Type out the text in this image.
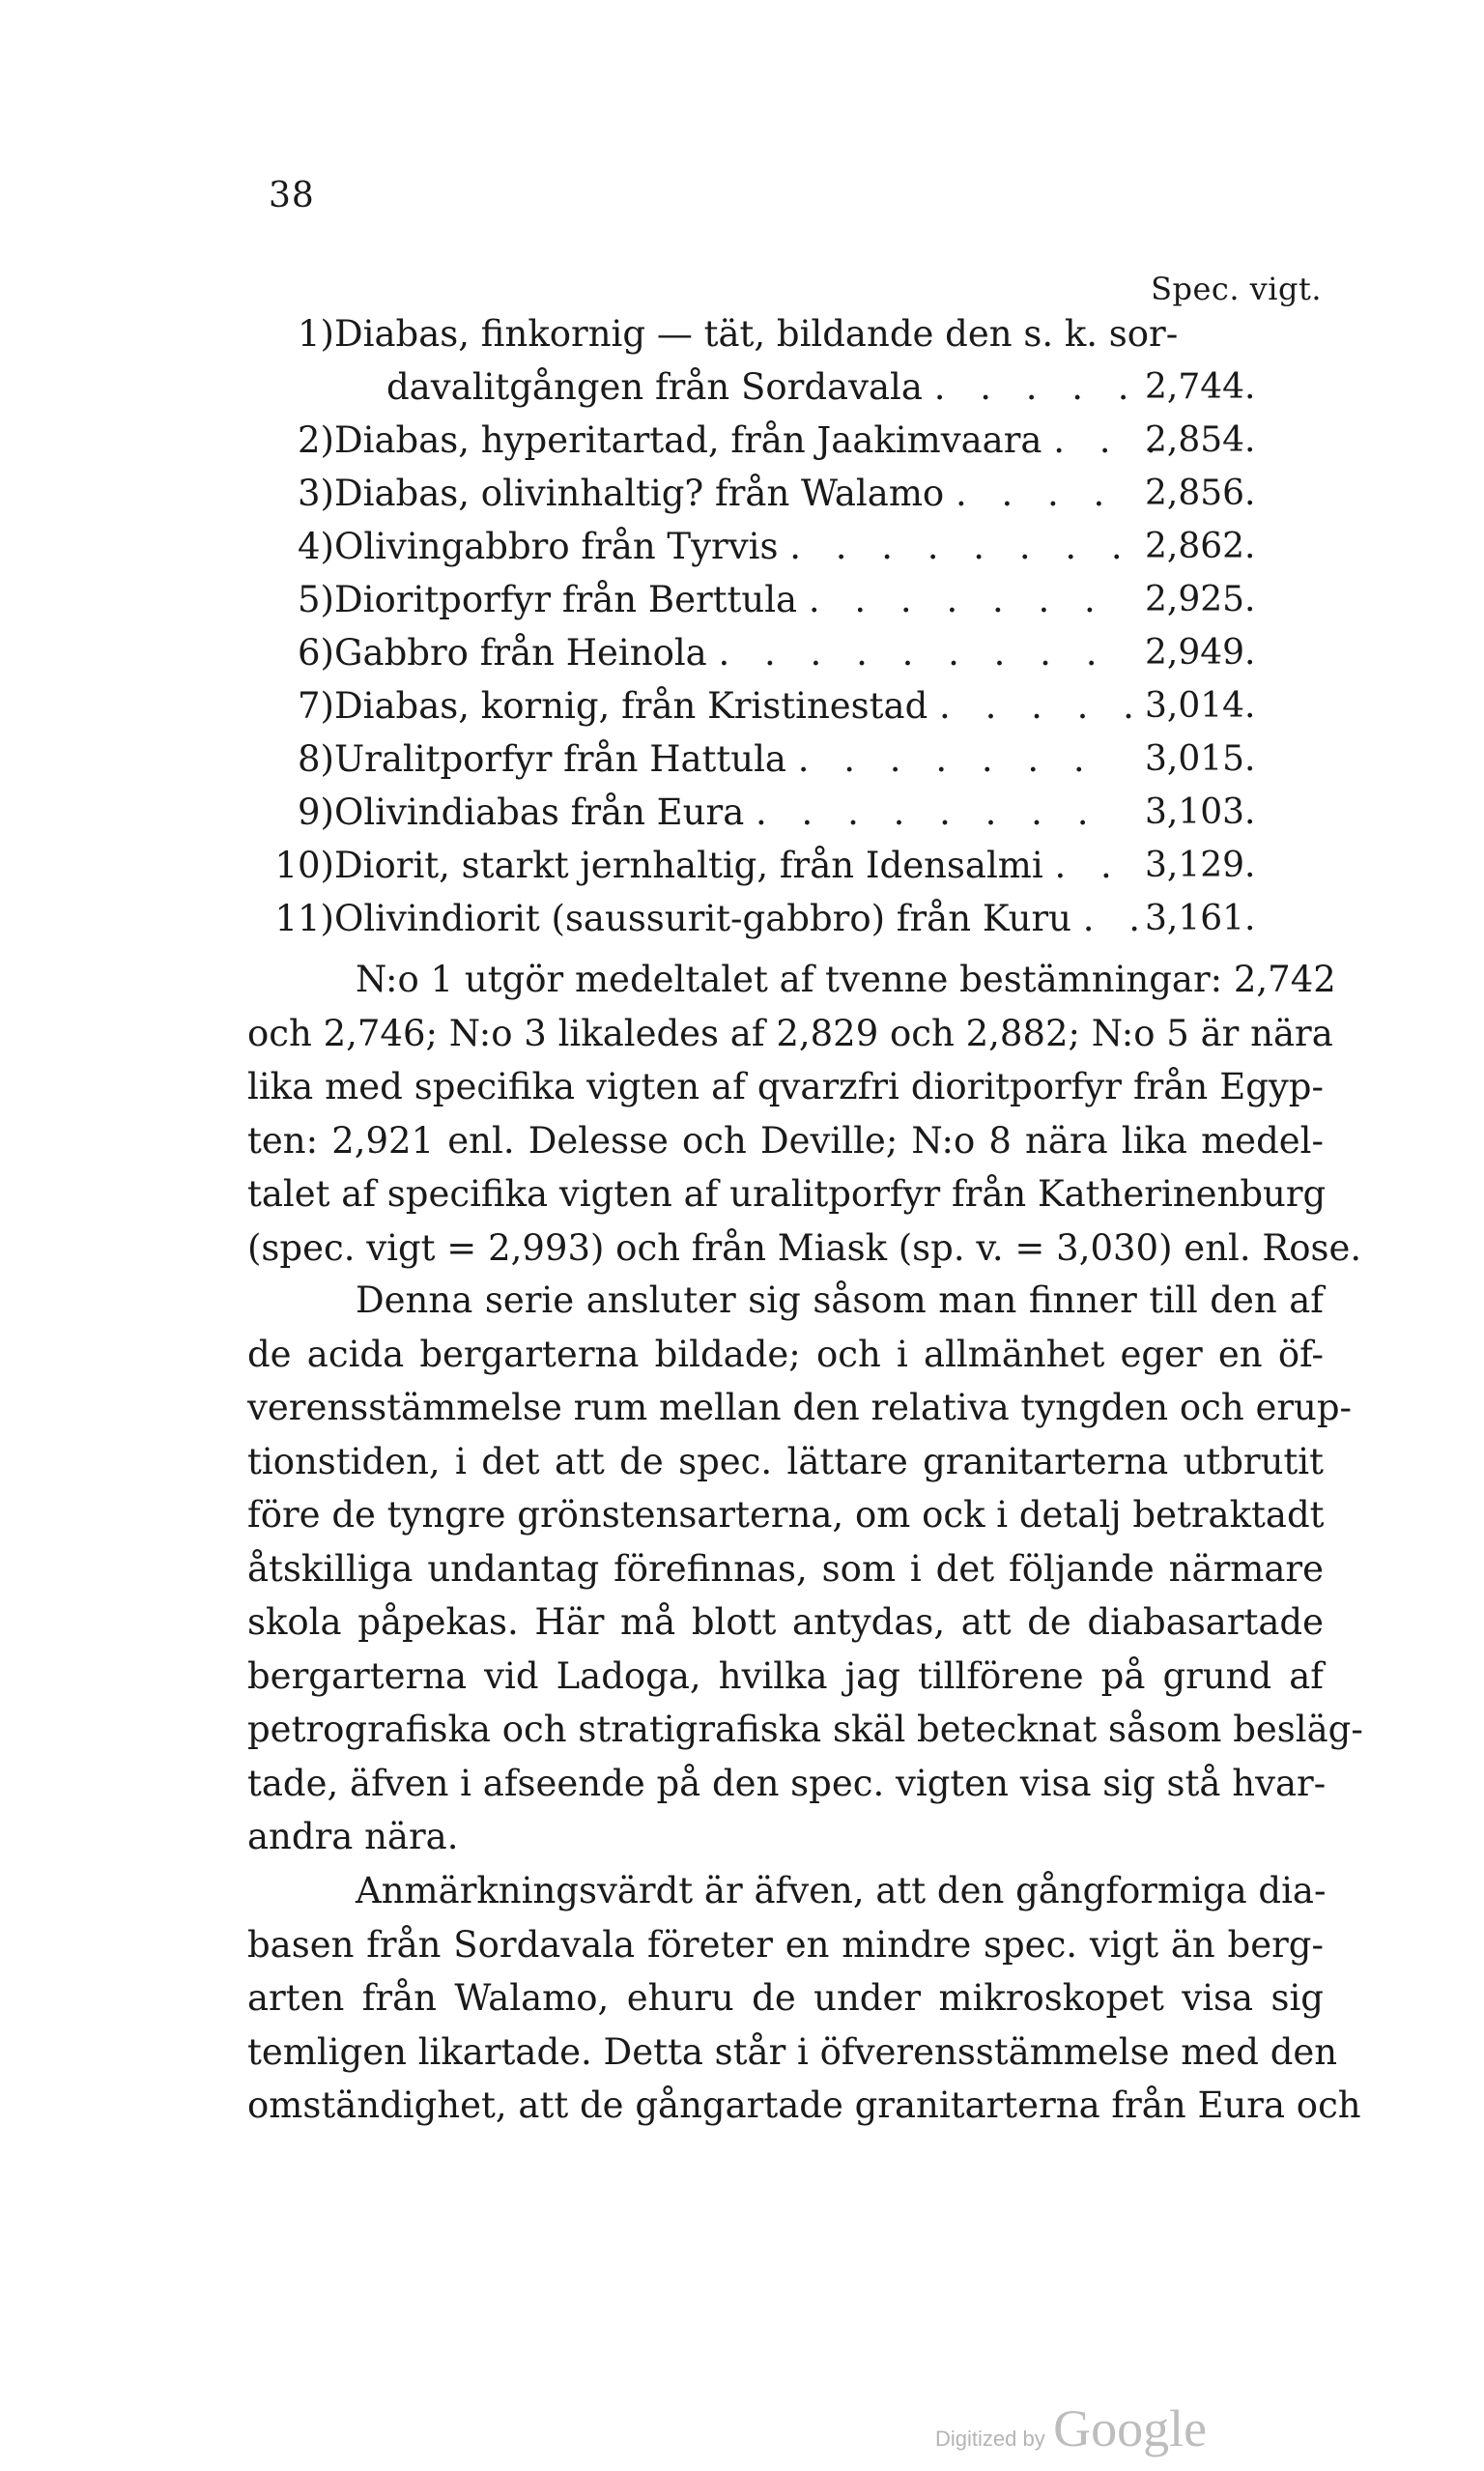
38
Spec. vigt.
1) Diabas, finkornig — tät, bildande den s. k. sor-
davalitgången från Sordavala . . . . . 2,744.
2) Diabas, hyperitartad, från Jaakimvaara . . .
2,854.
3) Diabas, olivinhaltig? från Walamo . . . . 2,856.
4) Olivingabbro från Tyrvis . . . . . . . . 2,862.
5) Dioritporfyr från Berttula . . . . . . . 2,925.
6) Gabbro från Heinola . . . . . . . . . 2,949.
7) Diabas, kornig, från Kristinestad . . . . . 3,014.
8) Uralitporfyr från Hattula . . . . . . . 3,015.
9) Olivindiabas från Eura . . . . . . . . 3,103.
10) Diorit, starkt jernhaltig, från Idensalmi . . 3,129.
11) Olivindiorit (saussurit-gabbro) från Kuru . .
3,161.
N:o 1 utgör medeltalet af tvenne bestämningar: 2,742
och 2,746; N:o 3 likaledes af 2,829 och 2,882; N:o 5 är nära
lika med specifika vigten af qvarzfri dioritporfyr från Egyp-
ten: 2,921 enl. Delesse och Deville; N:o 8 nära lika medel-
talet af specifika vigten af uralitporfyr från Katherinenburg
(spec. vigt = 2,993) och från Miask (sp. v. = 3,030) enl. Rose.
Denna serie ansluter sig såsom man finner till den af
de acida bergarterna bildade; och i allmänhet eger en öf-
verensstämmelse rum mellan den relativa tyngden och erup-
tionstiden, i det att de spec. lättare granitarterna utbrutit
före de tyngre grönstensarterna, om ock i detalj betraktadt
åtskilliga undantag förefinnas, som i det följande närmare
skola påpekas. Här må blott antydas, att de diabasartade
bergarterna vid Ladoga, hvilka jag tillförene på grund af
petrografiska och stratigrafiska skäl betecknat såsom besläg-
tade, äfven i afseende på den spec. vigten visa sig stå hvar-
andra nära.
Anmärkningsvärdt är äfven, att den gångformiga dia-
basen från Sordavala företer en mindre spec. vigt än berg-
arten från Walamo, ehuru de under mikroskopet visa sig
temligen likartade. Detta står i öfverensstämmelse med den
omständighet, att de gångartade granitarterna från Eura och
Digitized by Google
